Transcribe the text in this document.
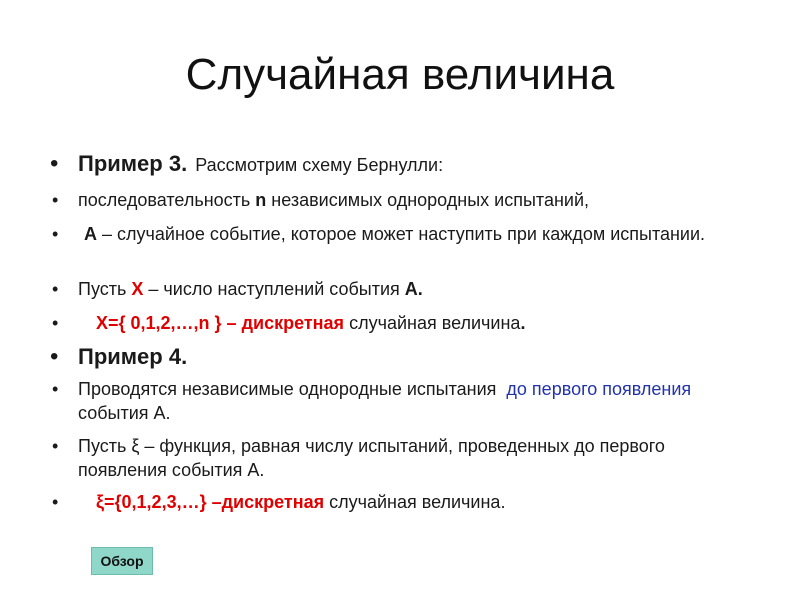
Случайная величина
• Пример 3. Рассмотрим схему Бернулли:
• последовательность n независимых однородных испытаний,
• A – случайное событие, которое может наступить при каждом испытании.
• Пусть X – число наступлений события A.
• X={ 0,1,2,…,n } – дискретная случайная величина.
• Пример 4.
• Проводятся независимые однородные испытания  до первого появления события А.
• Пусть ξ – функция, равная числу испытаний, проведенных до первого появления события А.
• ξ={0,1,2,3,…} –дискретная случайная величина.
Обзор
